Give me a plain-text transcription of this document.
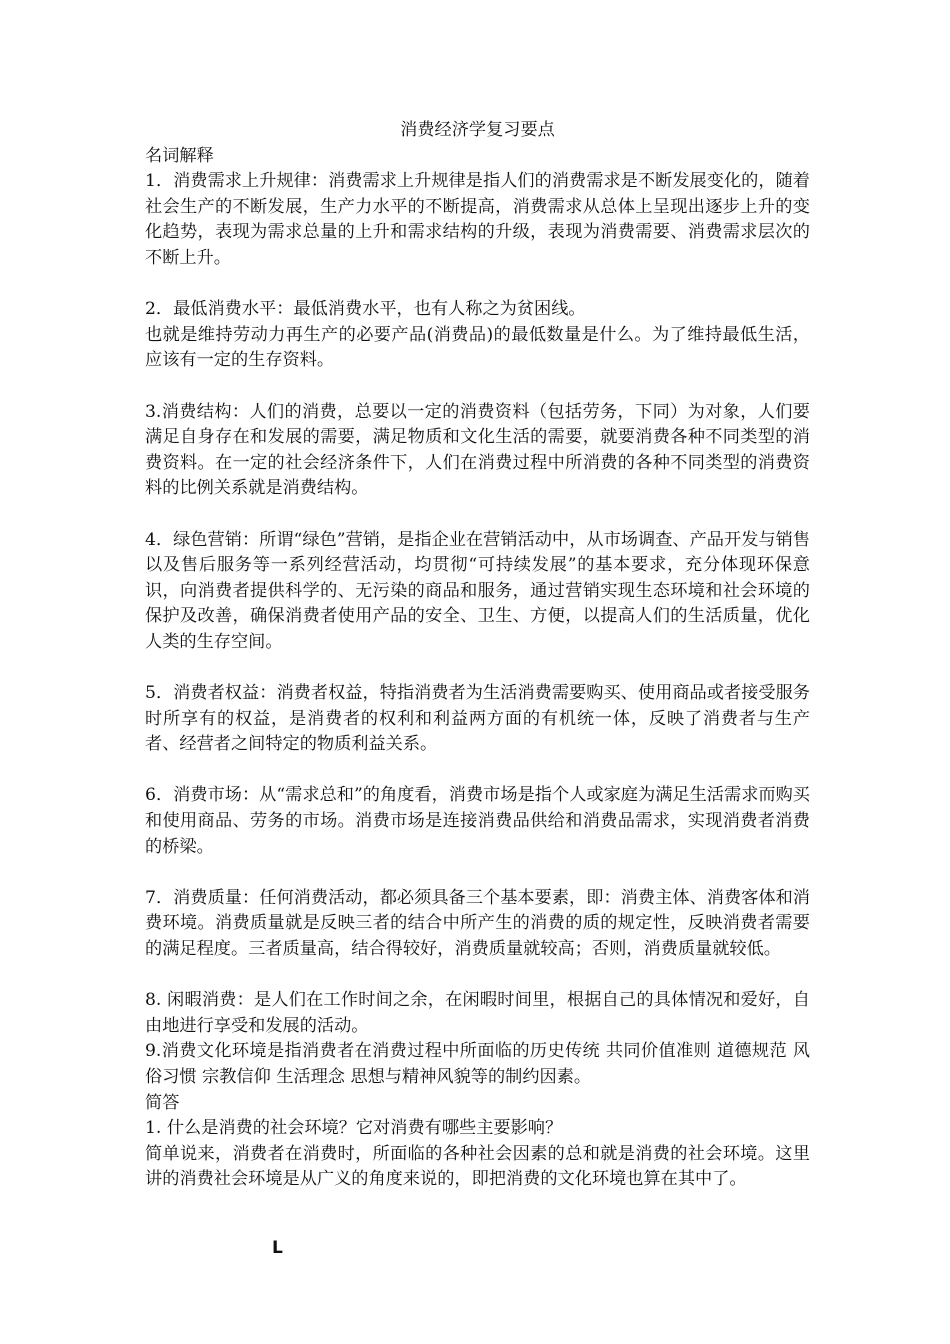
消费经济学复习要点

名词解释

1．消费需求上升规律：消费需求上升规律是指人们的消费需求是不断发展变化的，随着社会生产的不断发展，生产力水平的不断提高，消费需求从总体上呈现出逐步上升的变化趋势，表现为需求总量的上升和需求结构的升级，表现为消费需要、消费需求层次的不断上升。

2．最低消费水平：最低消费水平，也有人称之为贫困线。

也就是维持劳动力再生产的必要产品(消费品)的最低数量是什么。为了维持最低生活，应该有一定的生存资料。

3.消费结构：人们的消费，总要以一定的消费资料（包括劳务，下同）为对象，人们要满足自身存在和发展的需要，满足物质和文化生活的需要，就要消费各种不同类型的消费资料。在一定的社会经济条件下，人们在消费过程中所消费的各种不同类型的消费资料的比例关系就是消费结构。

4．绿色营销：所谓“绿色”营销，是指企业在营销活动中，从市场调查、产品开发与销售以及售后服务等一系列经营活动，均贯彻“可持续发展”的基本要求，充分体现环保意识，向消费者提供科学的、无污染的商品和服务，通过营销实现生态环境和社会环境的保护及改善，确保消费者使用产品的安全、卫生、方便，以提高人们的生活质量，优化人类的生存空间。

5．消费者权益：消费者权益，特指消费者为生活消费需要购买、使用商品或者接受服务时所享有的权益，是消费者的权利和利益两方面的有机统一体，反映了消费者与生产者、经营者之间特定的物质利益关系。

6．消费市场：从“需求总和”的角度看，消费市场是指个人或家庭为满足生活需求而购买和使用商品、劳务的市场。消费市场是连接消费品供给和消费品需求，实现消费者消费的桥梁。

7．消费质量：任何消费活动，都必须具备三个基本要素，即：消费主体、消费客体和消费环境。消费质量就是反映三者的结合中所产生的消费的质的规定性，反映消费者需要的满足程度。三者质量高，结合得较好，消费质量就较高；否则，消费质量就较低。

8. 闲暇消费：是人们在工作时间之余，在闲暇时间里，根据自己的具体情况和爱好，自由地进行享受和发展的活动。

9.消费文化环境是指消费者在消费过程中所面临的历史传统 共同价值准则 道德规范 风俗习惯 宗教信仰 生活理念 思想与精神风貌等的制约因素。

简答

1. 什么是消费的社会环境？它对消费有哪些主要影响？

简单说来，消费者在消费时，所面临的各种社会因素的总和就是消费的社会环境。这里讲的消费社会环境是从广义的角度来说的，即把消费的文化环境也算在其中了。

L
